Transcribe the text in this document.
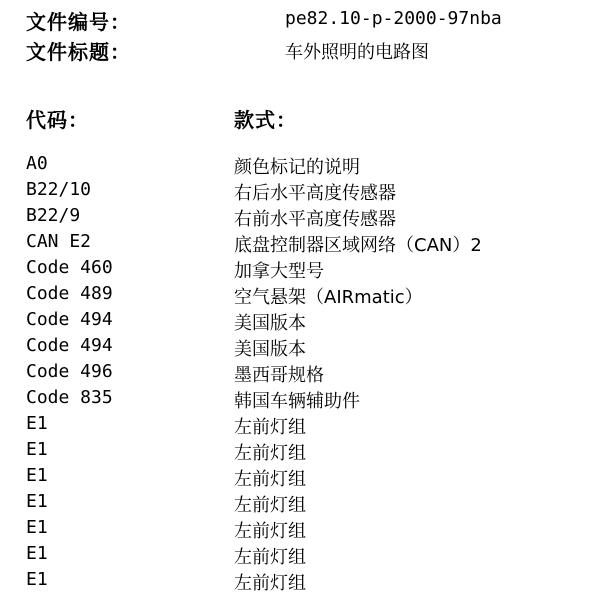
文件编号：	pe82.10-p-2000-97nba
文件标题：	车外照明的电路图
代码：	款式：
A0	颜色标记的说明
B22/10	右后水平高度传感器
B22/9	右前水平高度传感器
CAN E2	底盘控制器区域网络（CAN）2
Code 460	加拿大型号
Code 489	空气悬架（AIRmatic）
Code 494	美国版本
Code 494	美国版本
Code 496	墨西哥规格
Code 835	韩国车辆辅助件
E1	左前灯组
E1	左前灯组
E1	左前灯组
E1	左前灯组
E1	左前灯组
E1	左前灯组
E1	左前灯组
